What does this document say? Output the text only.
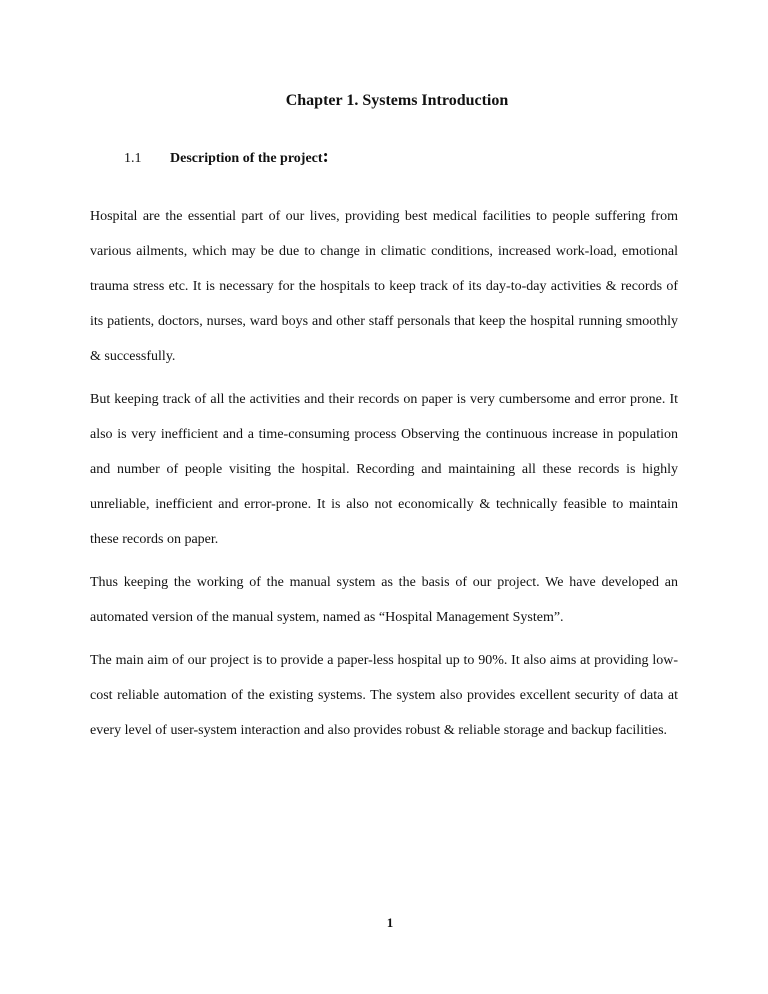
Chapter 1. Systems Introduction
1.1 Description of the project:

Hospital are the essential part of our lives, providing best medical facilities to people suffering from various ailments, which may be due to change in climatic conditions, increased work-load, emotional trauma stress etc. It is necessary for the hospitals to keep track of its day-to-day activities & records of its patients, doctors, nurses, ward boys and other staff personals that keep the hospital running smoothly & successfully.

But keeping track of all the activities and their records on paper is very cumbersome and error prone. It also is very inefficient and a time-consuming process Observing the continuous increase in population and number of people visiting the hospital. Recording and maintaining all these records is highly unreliable, inefficient and error-prone. It is also not economically & technically feasible to maintain these records on paper.

Thus keeping the working of the manual system as the basis of our project. We have developed an automated version of the manual system, named as “Hospital Management System”.

The main aim of our project is to provide a paper-less hospital up to 90%. It also aims at providing low-cost reliable automation of the existing systems. The system also provides excellent security of data at every level of user-system interaction and also provides robust & reliable storage and backup facilities.

1
